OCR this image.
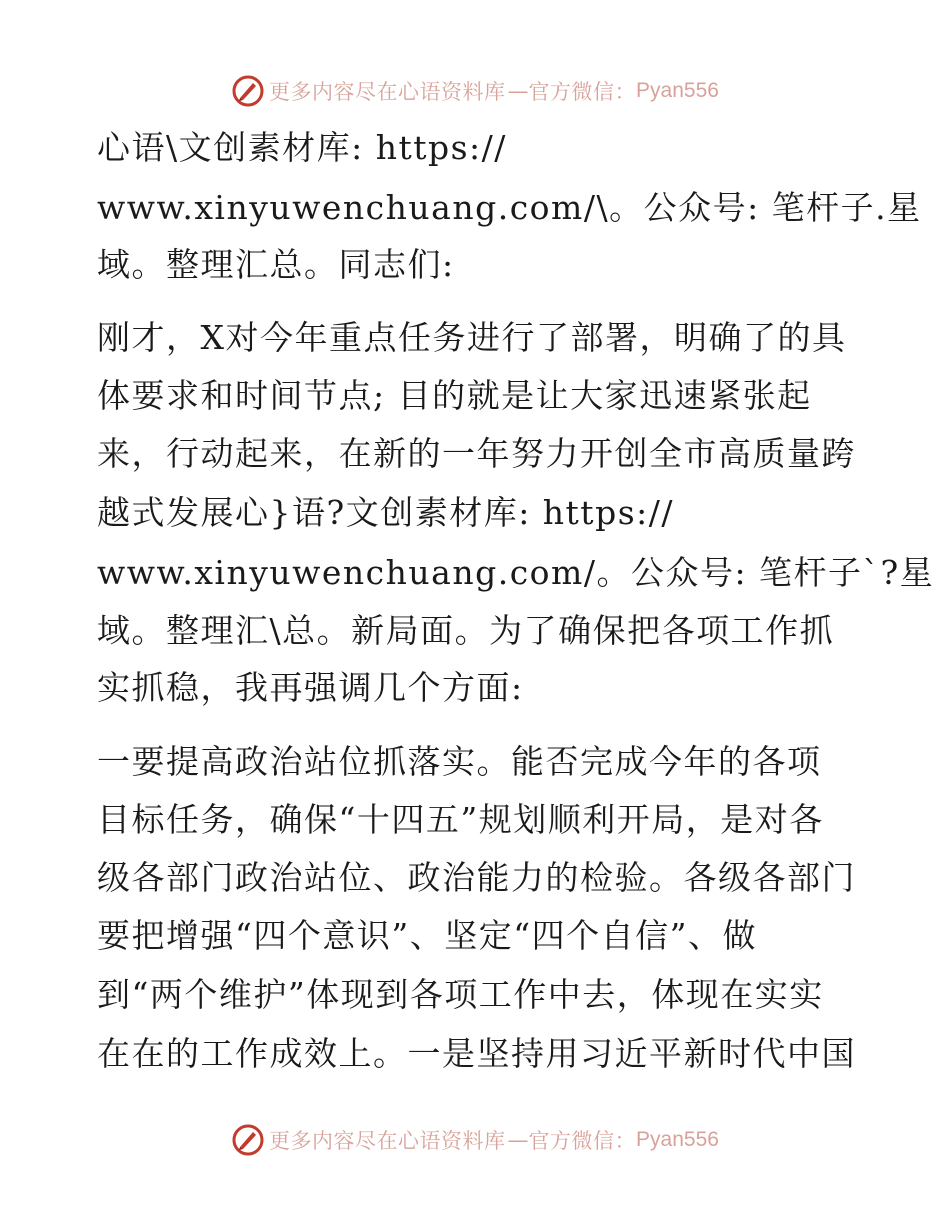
更多内容尽在心语资料库 — 官方微信： Pyan556
心语\文创素材库: https://
www.xinyuwenchuang.com/\。公众号: 笔杆子.星
域。整理汇总。同志们:
刚才，X对今年重点任务进行了部署，明确了的具
体要求和时间节点; 目的就是让大家迅速紧张起
来，行动起来，在新的一年努力开创全市高质量跨
越式发展心}语?文创素材库: https://
www.xinyuwenchuang.com/。公众号: 笔杆子`?星
域。整理汇\总。新局面。为了确保把各项工作抓
实抓稳，我再强调几个方面:
一要提高政治站位抓落实。能否完成今年的各项
目标任务，确保“十四五”规划顺利开局，是对各
级各部门政治站位、政治能力的检验。各级各部门
要把增强“四个意识”、坚定“四个自信”、做
到“两个维护”体现到各项工作中去，体现在实实
在在的工作成效上。一是坚持用习近平新时代中国
更多内容尽在心语资料库 — 官方微信： Pyan556
